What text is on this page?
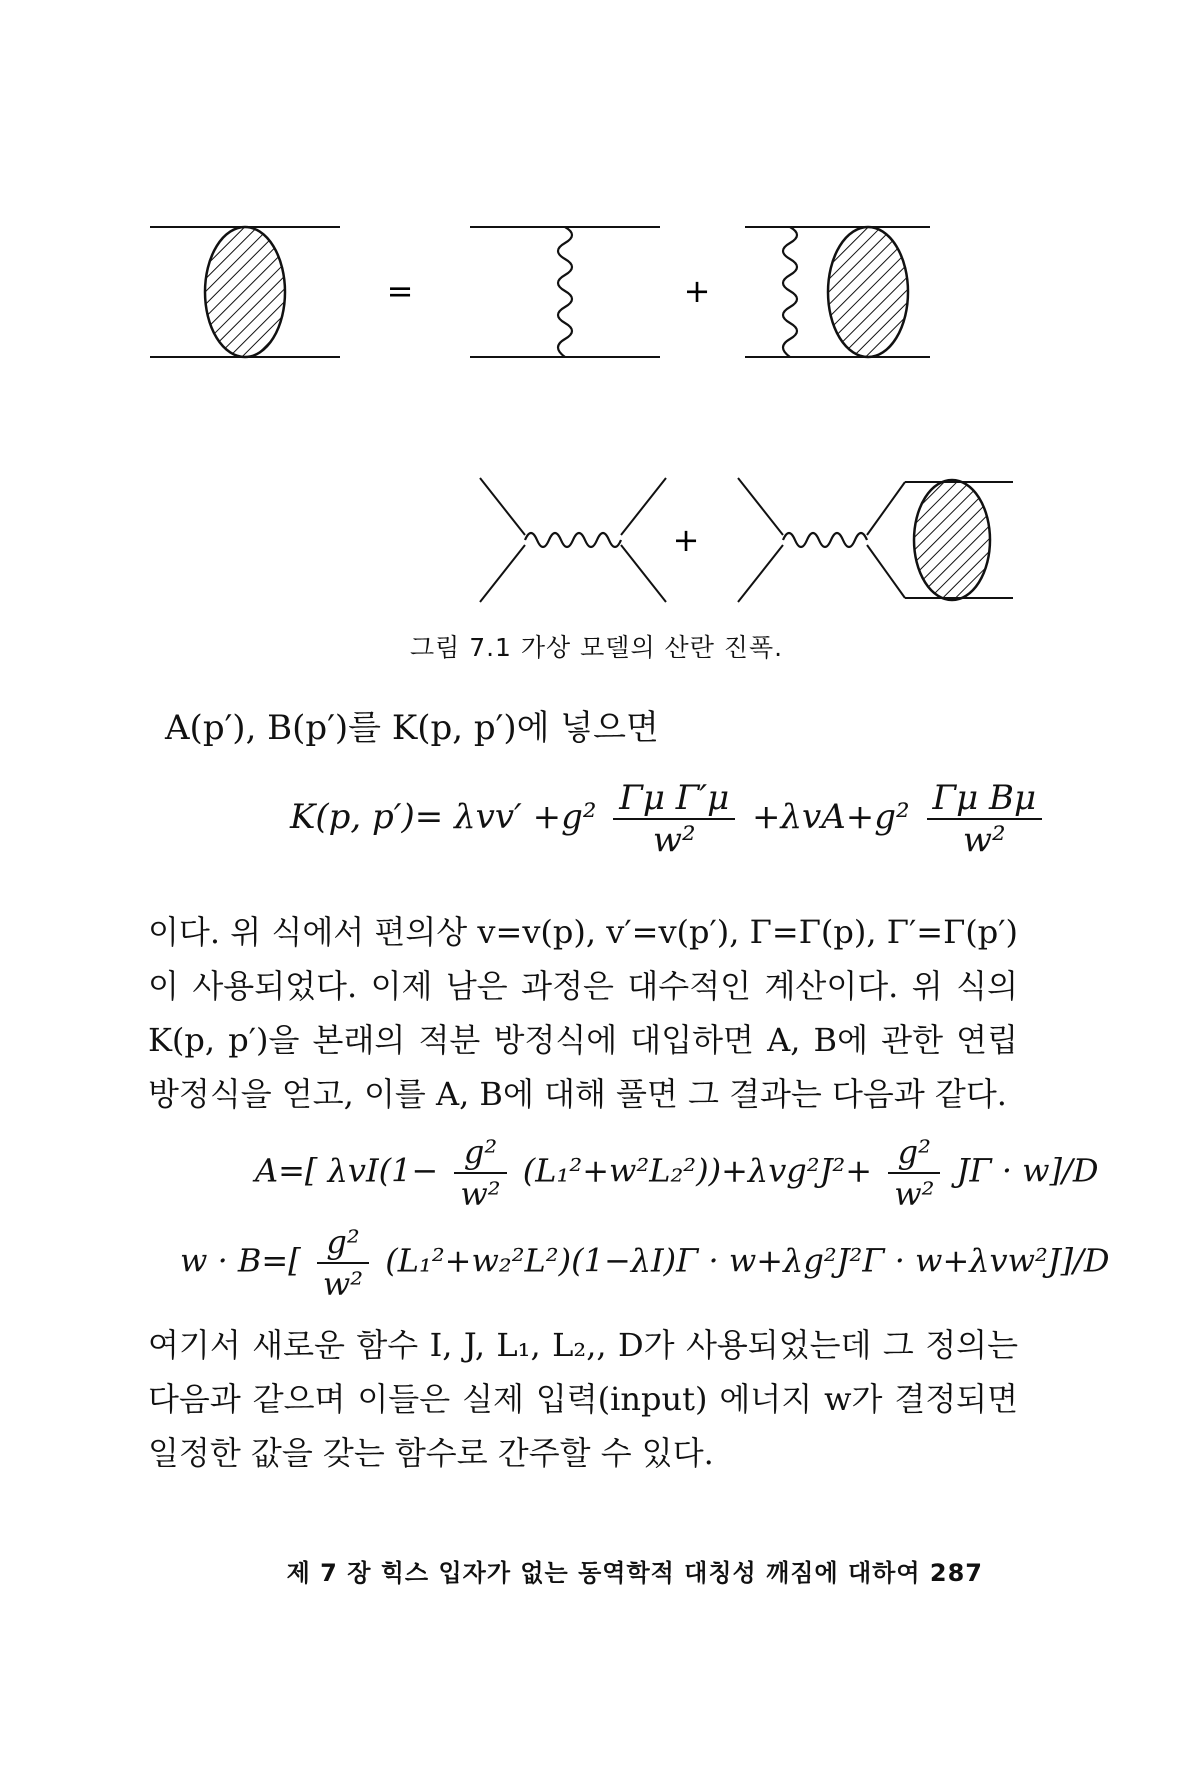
=	+
+
그림 7.1 가상 모델의 산란 진폭.
A(p′), B(p′)를 K(p, p′)에 넣으면
K(p, $p')= \lambda vv' +g^2 \frac{\text{Γμ Γ′μ}}{\text{w²}} +\lambda vA+g^2 \frac{\text{Γμ Bμ}}{\text{w²}}$
이다. 위 식에서 편의상 v=v(p), v′=v(p′), Γ=Γ(p), Γ′=Γ(p′)이 사용되었다. 이제 남은 과정은 대수적인 계산이다. 위 식의 K(p, p′)을 본래의 적분 방정식에 대입하면 A, B에 관한 연립 방정식을 얻고, 이를 A, B에 대해 풀면 그 결과는 다음과 같다.
A=[ $\lambda vI(1- \frac{\text{g²}}{\text{w²}} (L_1^2+w^2L_2^2))+\lambda vg^2J^2+ \frac{\text{g²}}{\text{w²}}$ JΓ · w]/D
$w \cdot B=[ \frac{\text{g²}}{\text{w²}} (L_1^2+w_2^2L^2)(1-\lambda I)\Gamma \cdot w+\lambda g^2J^2\Gamma \cdot w+\lambda vw^2J]/D$
여기서 새로운 함수 I, J, L₁, L₂,, D가 사용되었는데 그 정의는 다음과 같으며 이들은 실제 입력(input) 에너지 w가 결정되면 일정한 값을 갖는 함수로 간주할 수 있다.
제 7 장 힉스 입자가 없는 동역학적 대칭성 깨짐에 대하여 287
